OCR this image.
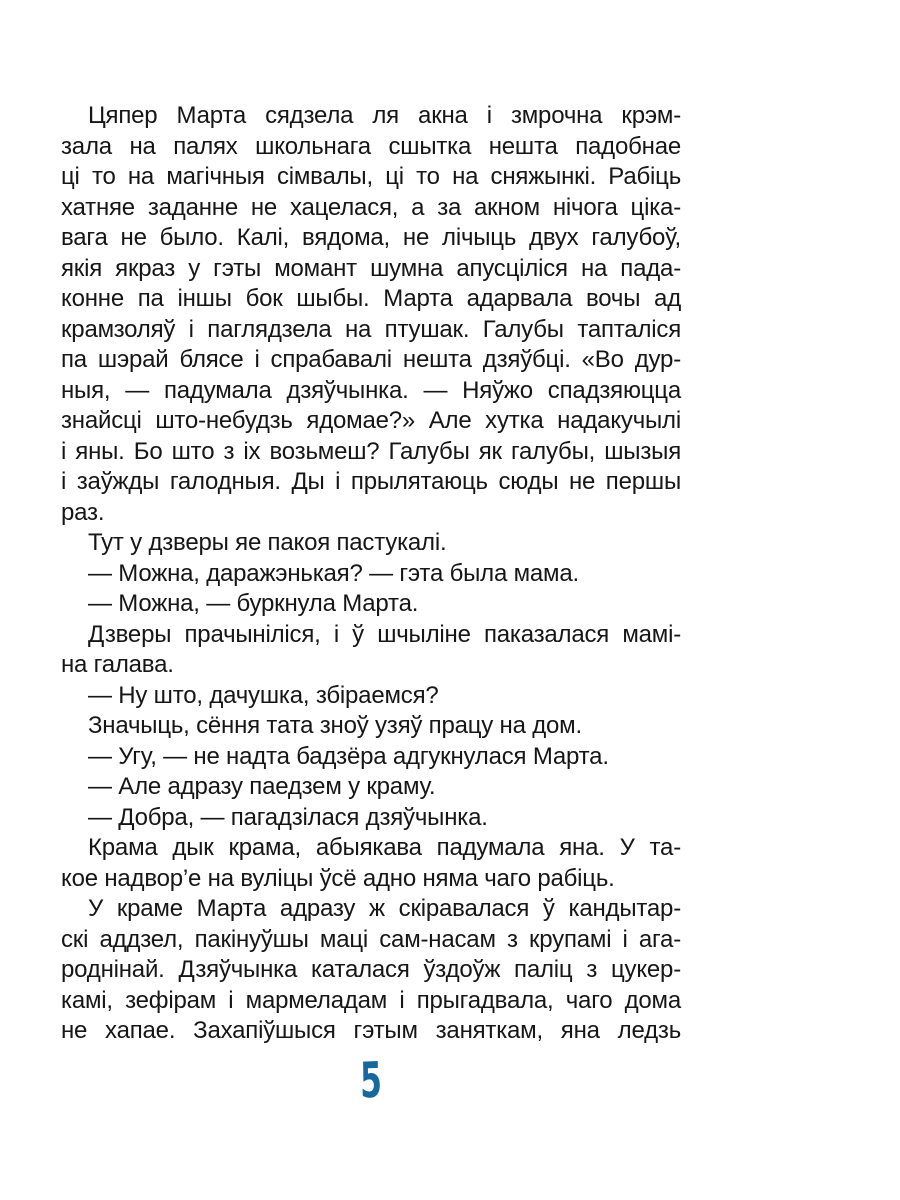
Цяпер Марта сядзела ля акна і змрочна крэм-
зала на палях школьнага сшытка нешта падобнае
ці то на магічныя сімвалы, ці то на сняжынкі. Рабіць
хатняе заданне не хацелася, а за акном нічога ціка-
вага не было. Калі, вядома, не лічыць двух галубоў,
якія якраз у гэты момант шумна апусціліся на пада-
конне па іншы бок шыбы. Марта адарвала вочы ад
крамзоляў і паглядзела на птушак. Галубы тапталіся
па шэрай блясе і спрабавалі нешта дзяўбці. «Во дур-
ныя, — падумала дзяўчынка. — Няўжо спадзяюцца
знайсці што-небудзь ядомае?» Але хутка надакучылі
і яны. Бо што з іх возьмеш? Галубы як галубы, шызыя
і заўжды галодныя. Ды і прылятаюць сюды не першы
раз.
Тут у дзверы яе пакоя пастукалі.
— Можна, даражэнькая? — гэта была мама.
— Можна, — буркнула Марта.
Дзверы прачыніліся, і ў шчыліне паказалася мамі-
на галава.
— Ну што, дачушка, збіраемся?
Значыць, сёння тата зноў узяў працу на дом.
— Угу, — не надта бадзёра адгукнулася Марта.
— Але адразу паедзем у краму.
— Добра, — пагадзілася дзяўчынка.
Крама дык крама, абыякава падумала яна. У та-
кое надвор’е на вуліцы ўсё адно няма чаго рабіць.
У краме Марта адразу ж скіравалася ў кандытар-
скі аддзел, пакінуўшы маці сам-насам з крупамі і ага-
роднінай. Дзяўчынка каталася ўздоўж паліц з цукер-
камі, зефірам і мармеладам і прыгадвала, чаго дома
не хапае. Захапіўшыся гэтым заняткам, яна ледзь
5
